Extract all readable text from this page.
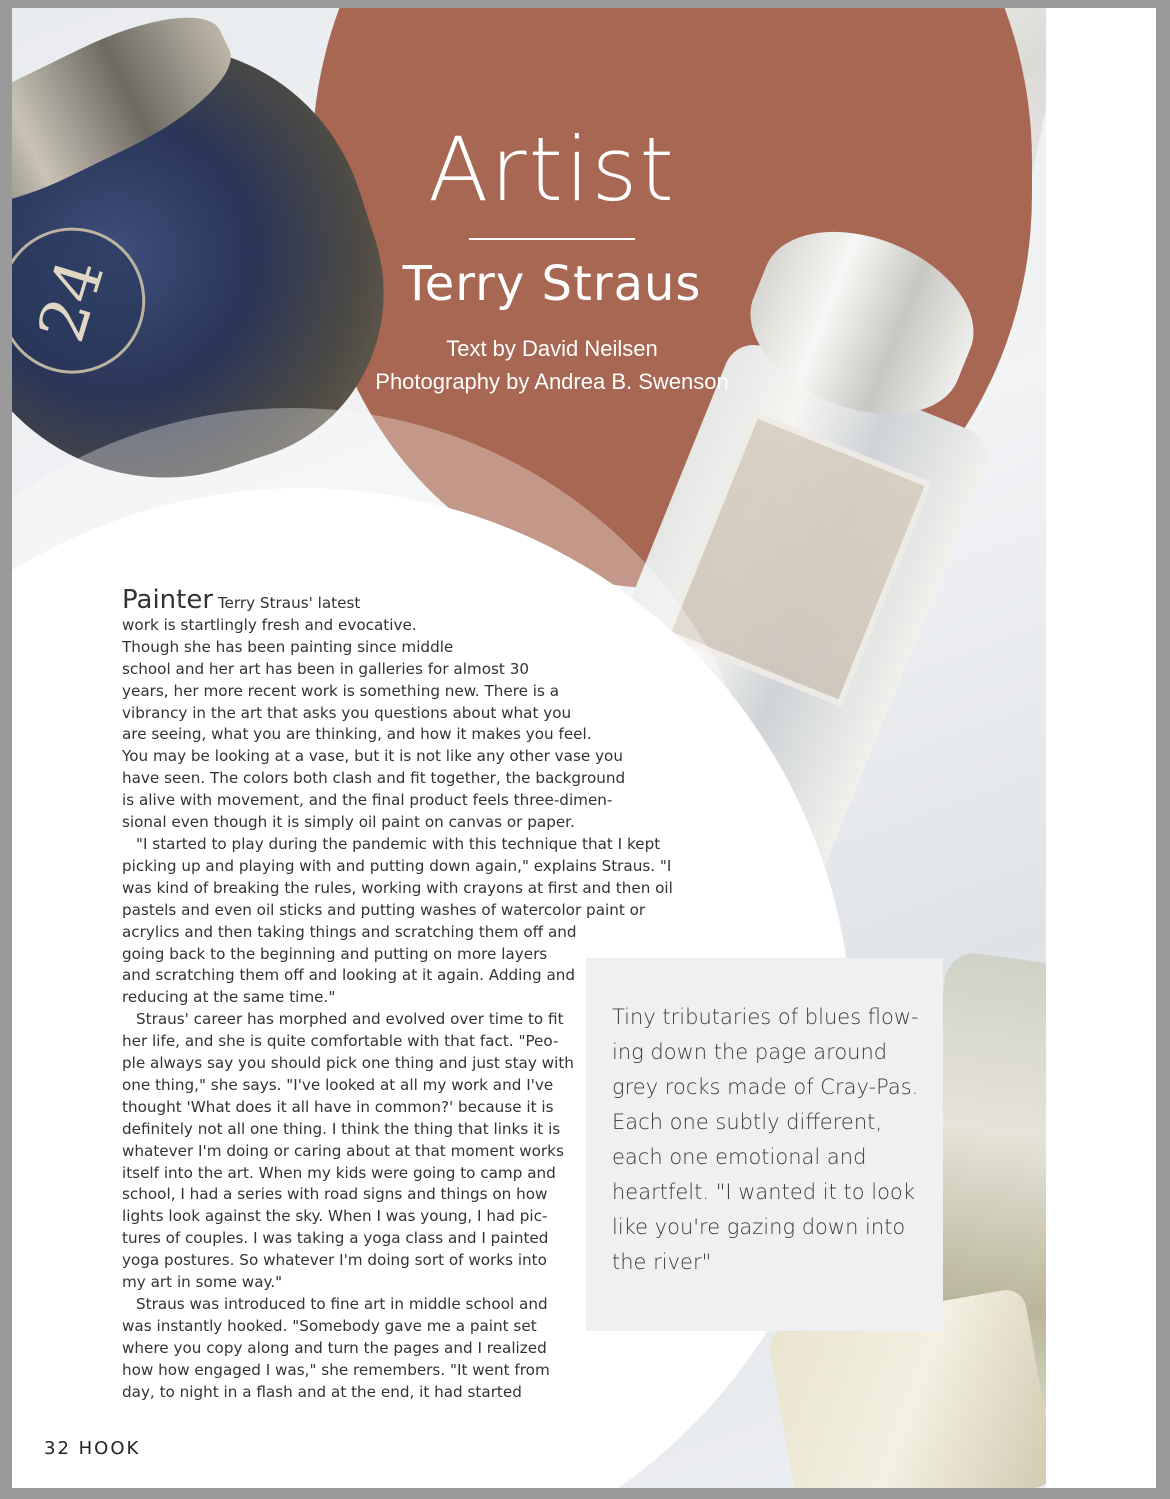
24
Artist
Terry Straus
Text by David Neilsen
Photography by Andrea B. Swenson
Painter Terry Straus' latest
work is startlingly fresh and evocative.
Though she has been painting since middle
school and her art has been in galleries for almost 30
years, her more recent work is something new. There is a
vibrancy in the art that asks you questions about what you
are seeing, what you are thinking, and how it makes you feel.
You may be looking at a vase, but it is not like any other vase you
have seen. The colors both clash and fit together, the background
is alive with movement, and the final product feels three-dimen-
sional even though it is simply oil paint on canvas or paper.
"I started to play during the pandemic with this technique that I kept
picking up and playing with and putting down again," explains Straus. "I
was kind of breaking the rules, working with crayons at first and then oil
pastels and even oil sticks and putting washes of watercolor paint or
acrylics and then taking things and scratching them off and
going back to the beginning and putting on more layers
and scratching them off and looking at it again. Adding and
reducing at the same time."
Straus' career has morphed and evolved over time to fit
her life, and she is quite comfortable with that fact. "Peo-
ple always say you should pick one thing and just stay with
one thing," she says. "I've looked at all my work and I've
thought 'What does it all have in common?' because it is
definitely not all one thing. I think the thing that links it is
whatever I'm doing or caring about at that moment works
itself into the art. When my kids were going to camp and
school, I had a series with road signs and things on how
lights look against the sky. When I was young, I had pic-
tures of couples. I was taking a yoga class and I painted
yoga postures. So whatever I'm doing sort of works into
my art in some way."
Straus was introduced to fine art in middle school and
was instantly hooked. "Somebody gave me a paint set
where you copy along and turn the pages and I realized
how how engaged I was," she remembers. "It went from
day, to night in a flash and at the end, it had started
Tiny tributaries of blues flow-
ing down the page around
grey rocks made of Cray-Pas.
Each one subtly different,
each one emotional and
heartfelt. "I wanted it to look
like you're gazing down into
the river"
32 HOOK
